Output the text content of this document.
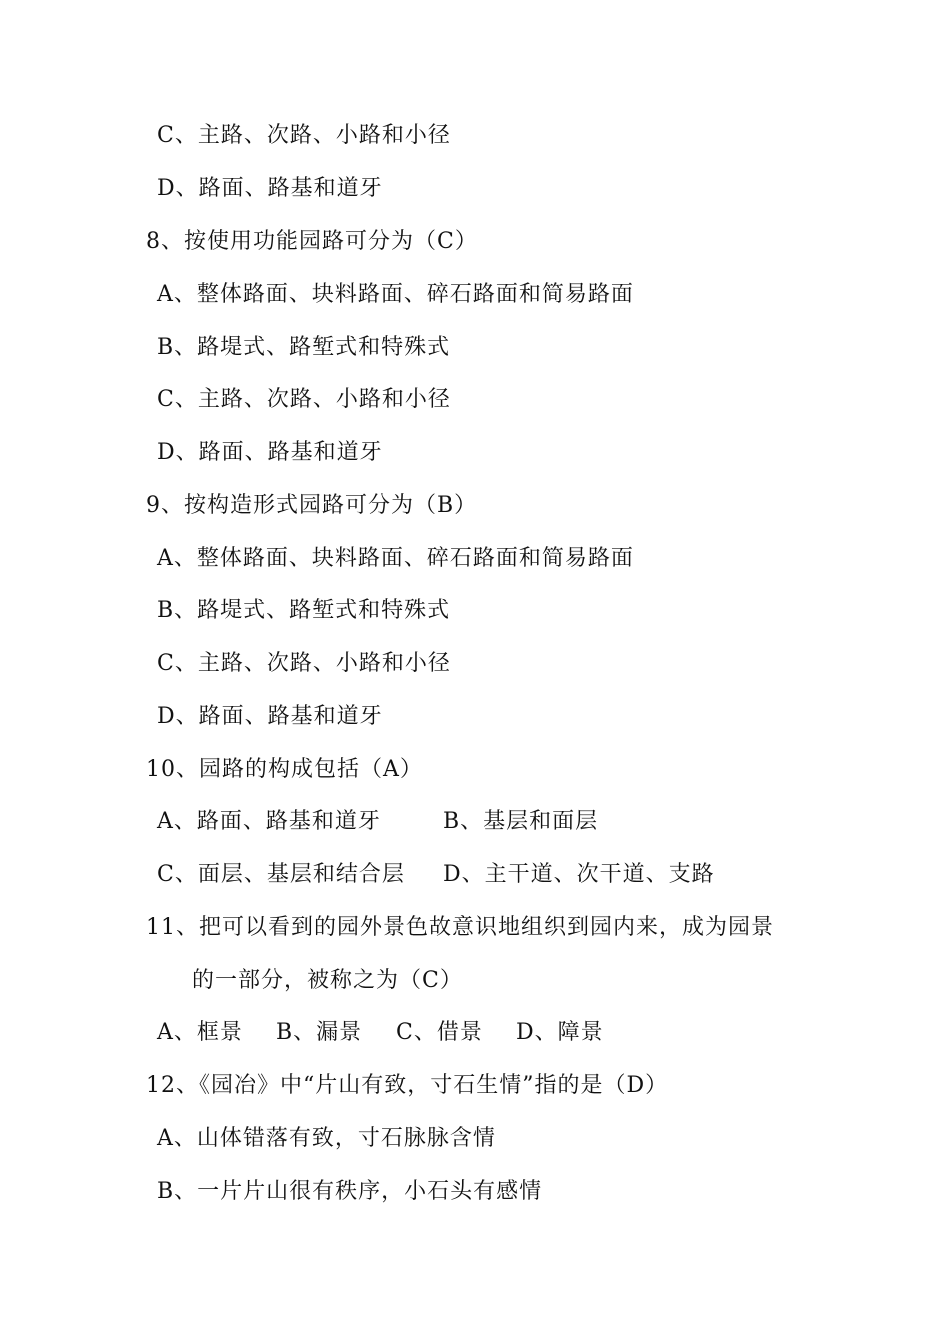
C、主路、次路、小路和小径
D、路面、路基和道牙
8、按使用功能园路可分为（C）
A、整体路面、块料路面、碎石路面和简易路面
B、路堤式、路堑式和特殊式
C、主路、次路、小路和小径
D、路面、路基和道牙
9、按构造形式园路可分为（B）
A、整体路面、块料路面、碎石路面和简易路面
B、路堤式、路堑式和特殊式
C、主路、次路、小路和小径
D、路面、路基和道牙
10、园路的构成包括（A）
A、路面、路基和道牙	B、基层和面层
C、面层、基层和结合层 D、主干道、次干道、支路
11、把可以看到的园外景色故意识地组织到园内来，成为园景
的一部分，被称之为（C）
A、框景 B、漏景 C、借景 D、障景
12、《园冶》中“片山有致，寸石生情”指的是（D）
A、山体错落有致，寸石脉脉含情
B、一片片山很有秩序，小石头有感情
